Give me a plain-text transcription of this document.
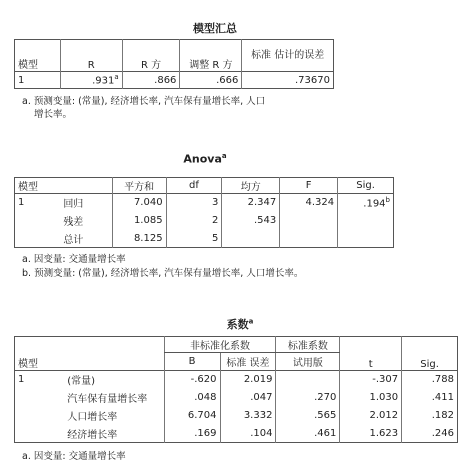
模型汇总
模型	R	R 方	调整 R 方	标准 估计的误差
1	.931$^a$	.866	.666	.73670
a. 预测变量: (常量), 经济增长率, 汽车保有量增长率, 人口
增长率。
Anova$^a$
模型		平方和	df	均方	F	Sig.
1	回归	7.040	3	2.347	4.324	.194$^b$
	残差	1.085	2	.543		
	总计	8.125	5			
a. 因变量: 交通量增长率
b. 预测变量: (常量), 经济增长率, 汽车保有量增长率, 人口增长率。
系数$^a$
模型		非标准化系数		标准系数	t	Sig.
		B	标准 误差	试用版		
1	(常量)	-.620	2.019		-.307	.788
	汽车保有量增长率	.048	.047	.270	1.030	.411
	人口增长率	6.704	3.332	.565	2.012	.182
	经济增长率	.169	.104	.461	1.623	.246
a. 因变量: 交通量增长率
